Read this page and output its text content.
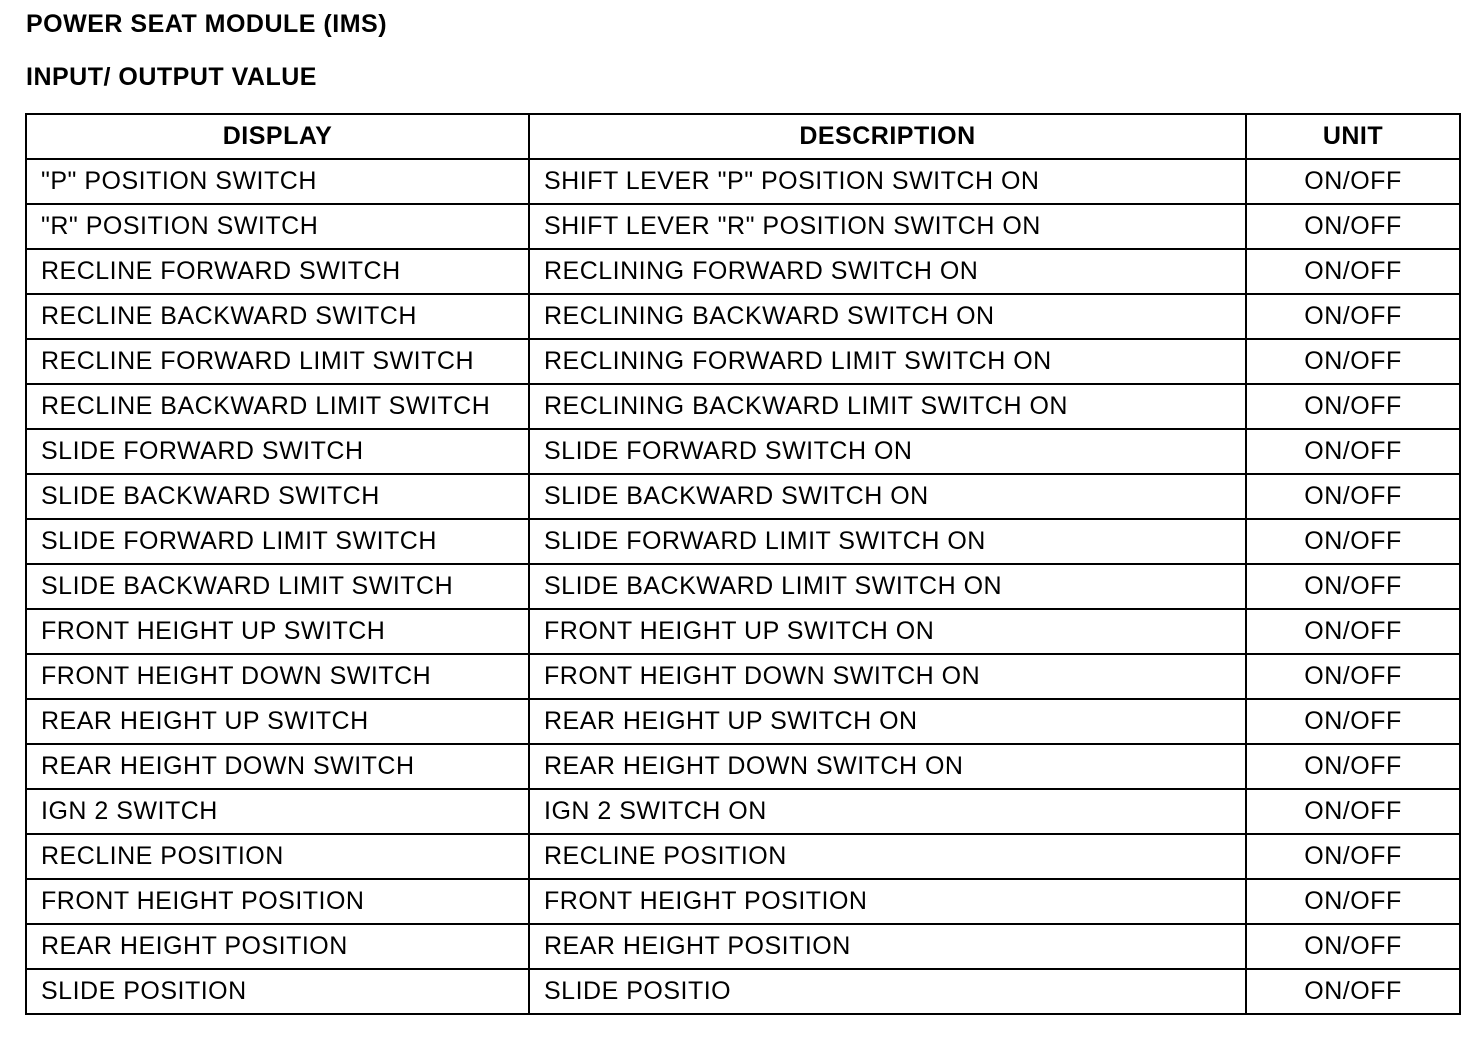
POWER SEAT MODULE (IMS)
INPUT/ OUTPUT VALUE
DISPLAY	DESCRIPTION	UNIT
"P" POSITION SWITCH	SHIFT LEVER "P" POSITION SWITCH ON	ON/OFF
"R" POSITION SWITCH	SHIFT LEVER "R" POSITION SWITCH ON	ON/OFF
RECLINE FORWARD SWITCH	RECLINING FORWARD SWITCH ON	ON/OFF
RECLINE BACKWARD SWITCH	RECLINING BACKWARD SWITCH ON	ON/OFF
RECLINE FORWARD LIMIT SWITCH	RECLINING FORWARD LIMIT SWITCH ON	ON/OFF
RECLINE BACKWARD LIMIT SWITCH	RECLINING BACKWARD LIMIT SWITCH ON	ON/OFF
SLIDE FORWARD SWITCH	SLIDE FORWARD SWITCH ON	ON/OFF
SLIDE BACKWARD SWITCH	SLIDE BACKWARD SWITCH ON	ON/OFF
SLIDE FORWARD LIMIT SWITCH	SLIDE FORWARD LIMIT SWITCH ON	ON/OFF
SLIDE BACKWARD LIMIT SWITCH	SLIDE BACKWARD LIMIT SWITCH ON	ON/OFF
FRONT HEIGHT UP SWITCH	FRONT HEIGHT UP SWITCH ON	ON/OFF
FRONT HEIGHT DOWN SWITCH	FRONT HEIGHT DOWN SWITCH ON	ON/OFF
REAR HEIGHT UP SWITCH	REAR HEIGHT UP SWITCH ON	ON/OFF
REAR HEIGHT DOWN SWITCH	REAR HEIGHT DOWN SWITCH ON	ON/OFF
IGN 2 SWITCH	IGN 2 SWITCH ON	ON/OFF
RECLINE POSITION	RECLINE POSITION	ON/OFF
FRONT HEIGHT POSITION	FRONT HEIGHT POSITION	ON/OFF
REAR HEIGHT POSITION	REAR HEIGHT POSITION	ON/OFF
SLIDE POSITION	SLIDE POSITIO	ON/OFF
